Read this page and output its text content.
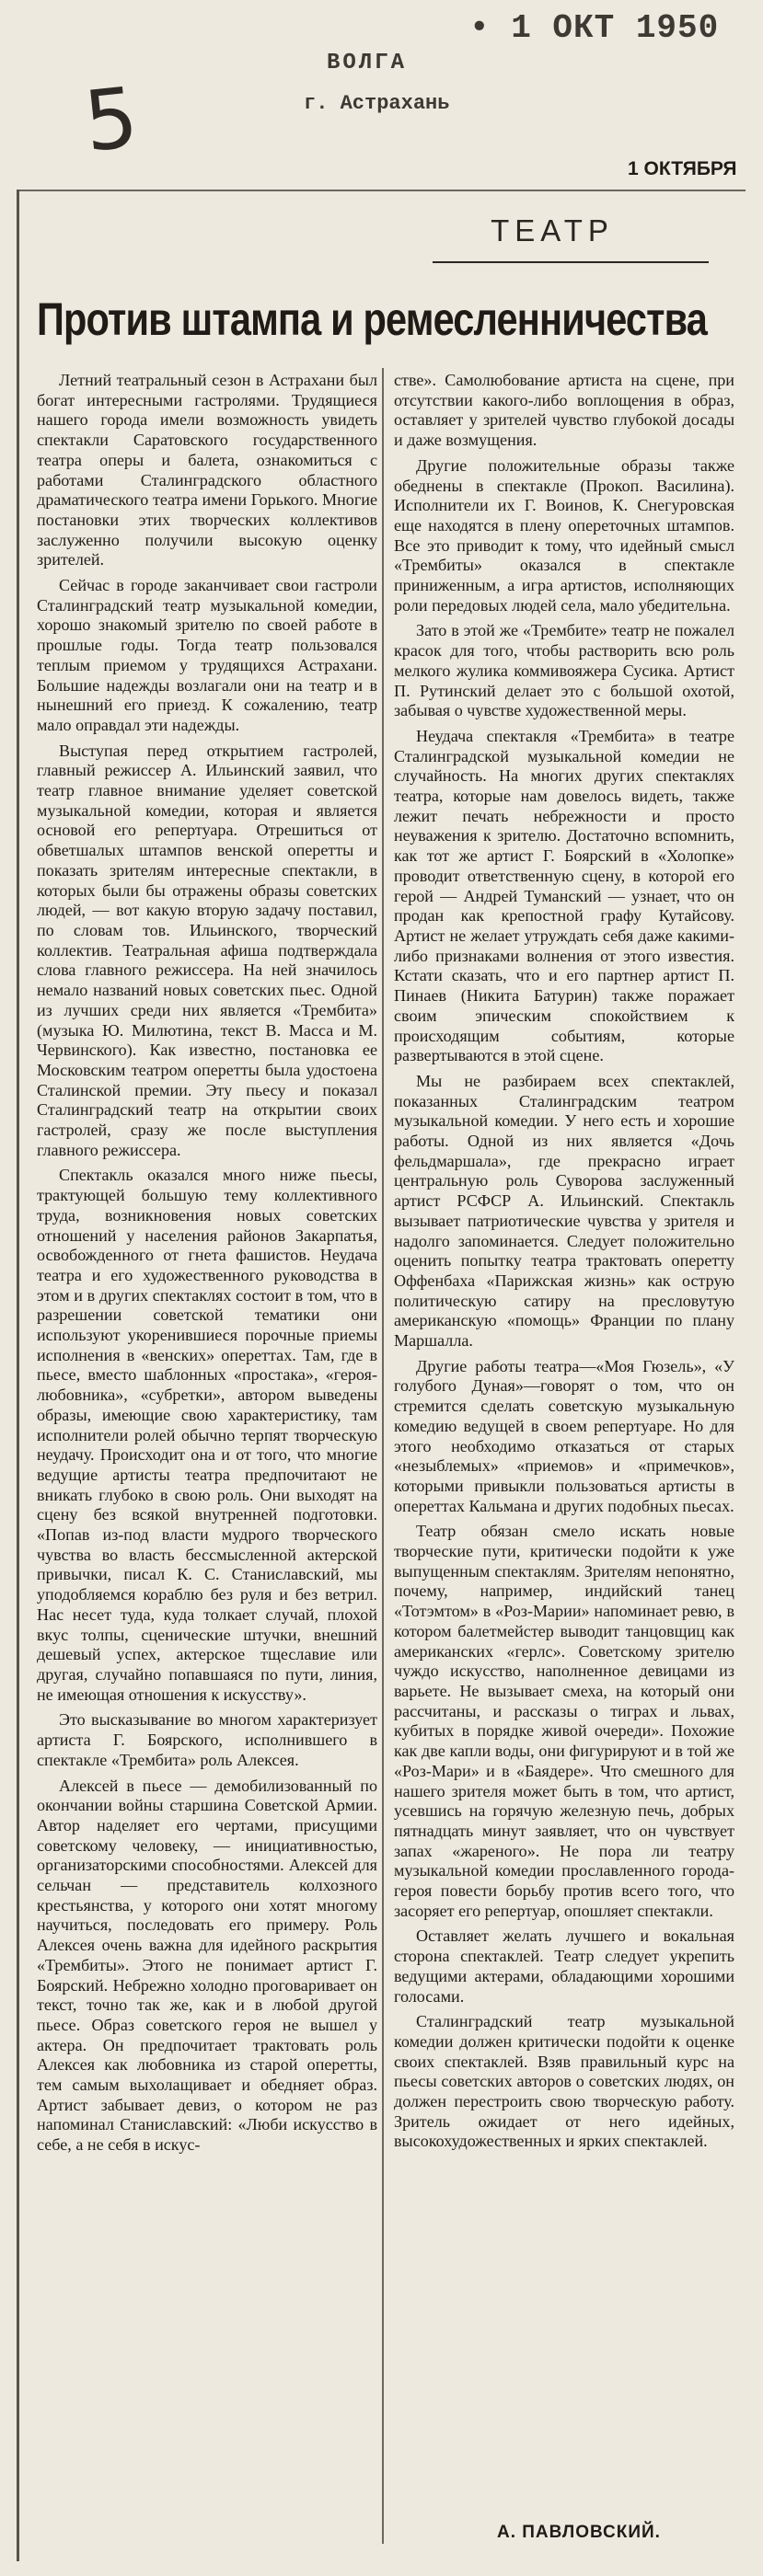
• 1 ОКТ 1950
ВОЛГА
г. Астрахань
5	1 ОКТЯБРЯ
ТЕАТР
Против штампа и ремесленничества

Летний театральный сезон в Астрахани был богат интересными гастролями. Трудящиеся нашего города имели возможность увидеть спектакли Саратовского государственного театра оперы и балета, ознакомиться с работами Сталинградского областного драматического театра имени Горького. Многие постановки этих творческих коллективов заслуженно получили высокую оценку зрителей.

Сейчас в городе заканчивает свои гастроли Сталинградский театр музыкальной комедии, хорошо знакомый зрителю по своей работе в прошлые годы. Тогда театр пользовался теплым приемом у трудящихся Астрахани. Большие надежды возлагали они на театр и в нынешний его приезд. К сожалению, театр мало оправдал эти надежды.

Выступая перед открытием гастролей, главный режиссер А. Ильинский заявил, что театр главное внимание уделяет советской музыкальной комедии, которая и является основой его репертуара. Отрешиться от обветшалых штампов венской оперетты и показать зрителям интересные спектакли, в которых были бы отражены образы советских людей, — вот какую вторую задачу поставил, по словам тов. Ильинского, творческий коллектив. Театральная афиша подтверждала слова главного режиссера. На ней значилось немало названий новых советских пьес. Одной из лучших среди них является «Трембита» (музыка Ю. Милютина, текст В. Масса и М. Червинского). Как известно, постановка ее Московским театром оперетты была удостоена Сталинской премии. Эту пьесу и показал Сталинградский театр на открытии своих гастролей, сразу же после выступления главного режиссера.

Спектакль оказался много ниже пьесы, трактующей большую тему коллективного труда, возникновения новых советских отношений у населения районов Закарпатья, освобожденного от гнета фашистов. Неудача театра и его художественного руководства в этом и в других спектаклях состоит в том, что в разрешении советской тематики они используют укоренившиеся порочные приемы исполнения в «венских» опереттах. Там, где в пьесе, вместо шаблонных «простака», «героя-любовника», «субретки», автором выведены образы, имеющие свою характеристику, там исполнители ролей обычно терпят творческую неудачу. Происходит она и от того, что многие ведущие артисты театра предпочитают не вникать глубоко в свою роль. Они выходят на сцену без всякой внутренней подготовки. «Попав из-под власти мудрого творческого чувства во власть бессмысленной актерской привычки, писал К. С. Станиславский, мы уподобляемся кораблю без руля и без ветрил. Нас несет туда, куда толкает случай, плохой вкус толпы, сценические штучки, внешний дешевый успех, актерское тщеславие или другая, случайно попавшаяся по пути, линия, не имеющая отношения к искусству».

Это высказывание во многом характеризует артиста Г. Боярского, исполнившего в спектакле «Трембита» роль Алексея.

Алексей в пьесе — демобилизованный по окончании войны старшина Советской Армии. Автор наделяет его чертами, присущими советскому человеку, — инициативностью, организаторскими способностями. Алексей для сельчан — представитель колхозного крестьянства, у которого они хотят многому научиться, последовать его примеру. Роль Алексея очень важна для идейного раскрытия «Трембиты». Этого не понимает артист Г. Боярский. Небрежно холодно проговаривает он текст, точно так же, как и в любой другой пьесе. Образ советского героя не вышел у актера. Он предпочитает трактовать роль Алексея как любовника из старой оперетты, тем самым выхолащивает и обедняет образ. Артист забывает девиз, о котором не раз напоминал Станиславский: «Люби искусство в себе, а не себя в искус-

стве». Самолюбование артиста на сцене, при отсутствии какого-либо воплощения в образ, оставляет у зрителей чувство глубокой досады и даже возмущения.

Другие положительные образы также обеднены в спектакле (Прокоп. Василина). Исполнители их Г. Воинов, К. Снегуровская еще находятся в плену опереточных штампов. Все это приводит к тому, что идейный смысл «Трембиты» оказался в спектакле приниженным, а игра артистов, исполняющих роли передовых людей села, мало убедительна.

Зато в этой же «Трембите» театр не пожалел красок для того, чтобы растворить всю роль мелкого жулика коммивояжера Сусика. Артист П. Рутинский делает это с большой охотой, забывая о чувстве художественной меры.

Неудача спектакля «Трембита» в театре Сталинградской музыкальной комедии не случайность. На многих других спектаклях театра, которые нам довелось видеть, также лежит печать небрежности и просто неуважения к зрителю. Достаточно вспомнить, как тот же артист Г. Боярский в «Холопке» проводит ответственную сцену, в которой его герой — Андрей Туманский — узнает, что он продан как крепостной графу Кутайсову. Артист не желает утруждать себя даже какими-либо признаками волнения от этого известия. Кстати сказать, что и его партнер артист П. Пинаев (Никита Батурин) также поражает своим эпическим спокойствием к происходящим событиям, которые развертываются в этой сцене.

Мы не разбираем всех спектаклей, показанных Сталинградским театром музыкальной комедии. У него есть и хорошие работы. Одной из них является «Дочь фельдмаршала», где прекрасно играет центральную роль Суворова заслуженный артист РСФСР А. Ильинский. Спектакль вызывает патриотические чувства у зрителя и надолго запоминается. Следует положительно оценить попытку театра трактовать оперетту Оффенбаха «Парижская жизнь» как острую политическую сатиру на пресловутую американскую «помощь» Франции по плану Маршалла.

Другие работы театра—«Моя Гюзель», «У голубого Дуная»—говорят о том, что он стремится сделать советскую музыкальную комедию ведущей в своем репертуаре. Но для этого необходимо отказаться от старых «незыблемых» «приемов» и «примечков», которыми привыкли пользоваться артисты в опереттах Кальмана и других подобных пьесах.

Театр обязан смело искать новые творческие пути, критически подойти к уже выпущенным спектаклям. Зрителям непонятно, почему, например, индийский танец «Тотэмтом» в «Роз-Марии» напоминает ревю, в котором балетмейстер выводит танцовщиц как американских «герлс». Советскому зрителю чуждо искусство, наполненное девицами из варьете. Не вызывает смеха, на который они рассчитаны, и рассказы о тиграх и львах, кубитых в порядке живой очереди». Похожие как две капли воды, они фигурируют и в той же «Роз-Мари» и в «Баядере». Что смешного для нашего зрителя может быть в том, что артист, усевшись на горячую железную печь, добрых пятнадцать минут заявляет, что он чувствует запах «жареного». Не пора ли театру музыкальной комедии прославленного города-героя повести борьбу против всего того, что засоряет его репертуар, опошляет спектакли.

Оставляет желать лучшего и вокальная сторона спектаклей. Театр следует укрепить ведущими актерами, обладающими хорошими голосами.

Сталинградский театр музыкальной комедии должен критически подойти к оценке своих спектаклей. Взяв правильный курс на пьесы советских авторов о советских людях, он должен перестроить свою творческую работу. Зритель ожидает от него идейных, высокохудожественных и ярких спектаклей.

А. ПАВЛОВСКИЙ.
